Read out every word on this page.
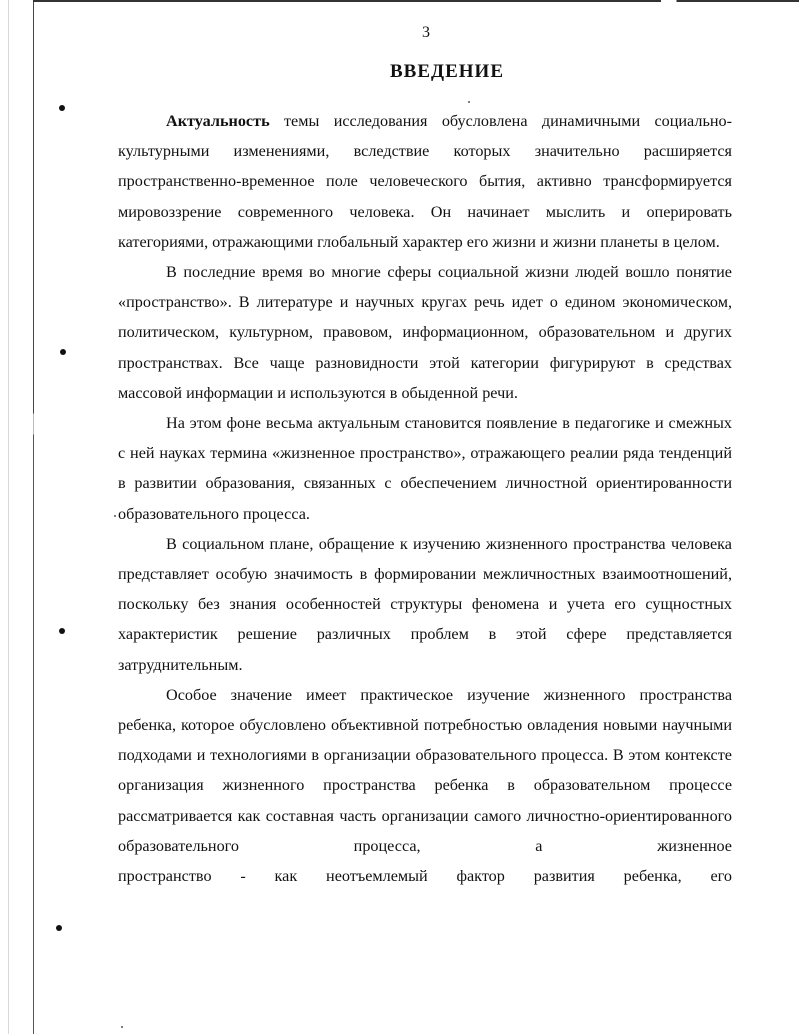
3
ВВЕДЕНИЕ

Актуальность темы исследования обусловлена динамичными социально-культурными изменениями, вследствие которых значительно расширяется пространственно-временное поле человеческого бытия, активно трансформируется мировоззрение современного человека. Он начинает мыслить и оперировать категориями, отражающими глобальный характер его жизни и жизни планеты в целом.

В последние время во многие сферы социальной жизни людей вошло понятие «пространство». В литературе и научных кругах речь идет о едином экономическом, политическом, культурном, правовом, информационном, образовательном и других пространствах. Все чаще разновидности этой категории фигурируют в средствах массовой информации и используются в обыденной речи.

На этом фоне весьма актуальным становится появление в педагогике и смежных с ней науках термина «жизненное пространство», отражающего реалии ряда тенденций в развитии образования, связанных с обеспечением личностной ориентированности образовательного процесса.

В социальном плане, обращение к изучению жизненного пространства человека представляет особую значимость в формировании межличностных взаимоотношений, поскольку без знания особенностей структуры феномена и учета его сущностных характеристик решение различных проблем в этой сфере представляется затруднительным.

Особое значение имеет практическое изучение жизненного пространства ребенка, которое обусловлено объективной потребностью овладения новыми научными подходами и технологиями в организации образовательного процесса. В этом контексте организация жизненного пространства ребенка в образовательном процессе рассматривается как составная часть организации самого личностно-ориентированного образовательного процесса, а жизненное

пространство - как неотъемлемый фактор развития ребенка, его
